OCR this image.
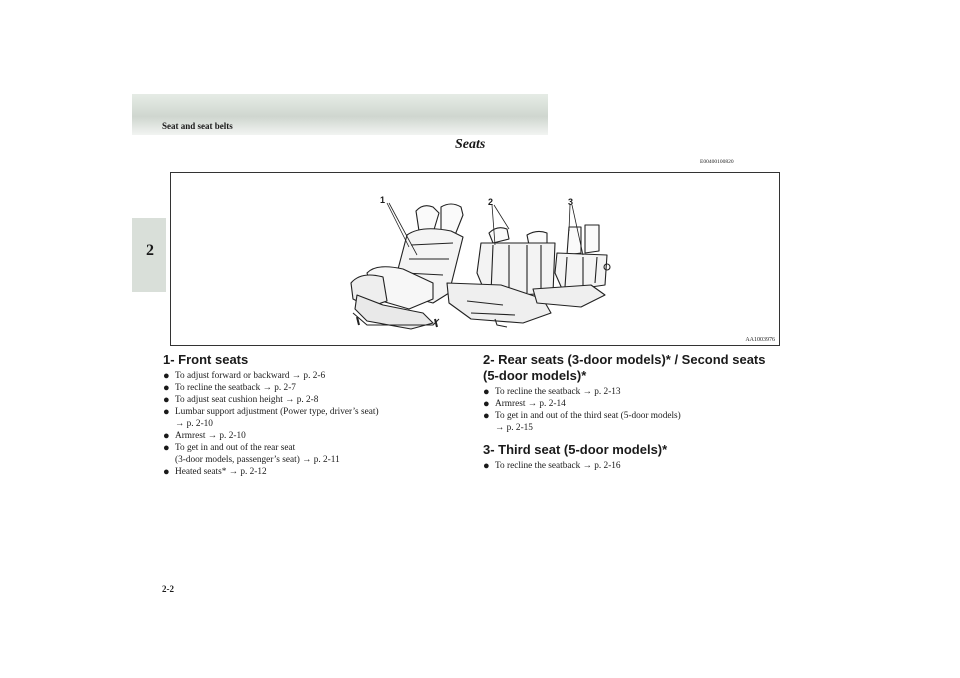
Seat and seat belts
2
Seats
E00400100820
1	2	3
AA1003976
1- Front seats
● To adjust forward or backward → p. 2-6
● To recline the seatback → p. 2-7
● To adjust seat cushion height → p. 2-8
● Lumbar support adjustment (Power type, driver’s seat)
→ p. 2-10
● Armrest → p. 2-10
● To get in and out of the rear seat
(3-door models, passenger’s seat) → p. 2-11
● Heated seats* → p. 2-12
2- Rear seats (3-door models)* / Second seats
(5-door models)*
● To recline the seatback → p. 2-13
● Armrest → p. 2-14
● To get in and out of the third seat (5-door models)
→ p. 2-15
3- Third seat (5-door models)*
● To recline the seatback → p. 2-16
2-2
